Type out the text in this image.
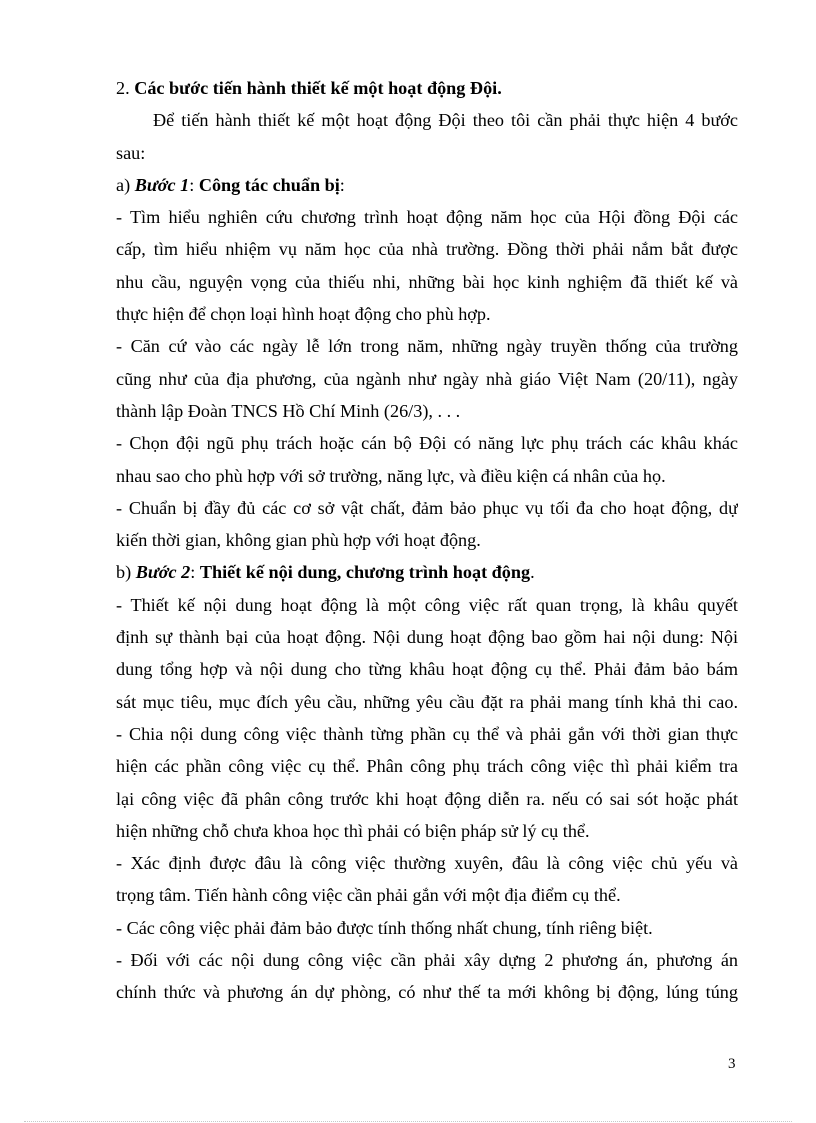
2. Các bước tiến hành thiết kế một hoạt động Đội.
Để tiến hành thiết kế một hoạt động Đội theo tôi cần phải thực hiện 4 bước
sau:
a) Bước 1: Công tác chuẩn bị:
- Tìm hiểu nghiên cứu chương trình hoạt động năm học của Hội đồng Đội các
cấp, tìm hiểu nhiệm vụ năm học của nhà trường. Đồng thời phải nắm bắt được
nhu cầu, nguyện vọng của thiếu nhi, những bài học kinh nghiệm đã thiết kế và
thực hiện để chọn loại hình hoạt động cho phù hợp.
- Căn cứ vào các ngày lễ lớn trong năm, những ngày truyền thống của trường
cũng như của địa phương, của ngành như ngày nhà giáo Việt Nam (20/11), ngày
thành lập Đoàn TNCS Hồ Chí Minh (26/3), . . .
- Chọn đội ngũ phụ trách hoặc cán bộ Đội có năng lực phụ trách các khâu khác
nhau sao cho phù hợp với sở trường, năng lực, và điều kiện cá nhân của họ.
- Chuẩn bị đầy đủ các cơ sở vật chất, đảm bảo phục vụ tối đa cho hoạt động, dự
kiến thời gian, không gian phù hợp với hoạt động.
b) Bước 2: Thiết kế nội dung, chương trình hoạt động.
- Thiết kế nội dung hoạt động là một công việc rất quan trọng, là khâu quyết
định sự thành bại của hoạt động. Nội dung hoạt động bao gồm hai nội dung: Nội
dung tổng hợp và nội dung cho từng khâu hoạt động cụ thể. Phải đảm bảo bám
sát mục tiêu, mục đích yêu cầu, những yêu cầu đặt ra phải mang tính khả thi cao.
- Chia nội dung công việc thành từng phần cụ thể và phải gắn với thời gian thực
hiện các phần công việc cụ thể. Phân công phụ trách công việc thì phải kiểm tra
lại công việc đã phân công trước khi hoạt động diễn ra. nếu có sai sót hoặc phát
hiện những chỗ chưa khoa học thì phải có biện pháp sử lý cụ thể.
- Xác định được đâu là công việc thường xuyên, đâu là công việc chủ yếu và
trọng tâm. Tiến hành công việc cần phải gắn với một địa điểm cụ thể.
- Các công việc phải đảm bảo được tính thống nhất chung, tính riêng biệt.
- Đối với các nội dung công việc cần phải xây dựng 2 phương án, phương án
chính thức và phương án dự phòng, có như thế ta mới không bị động, lúng túng
3
